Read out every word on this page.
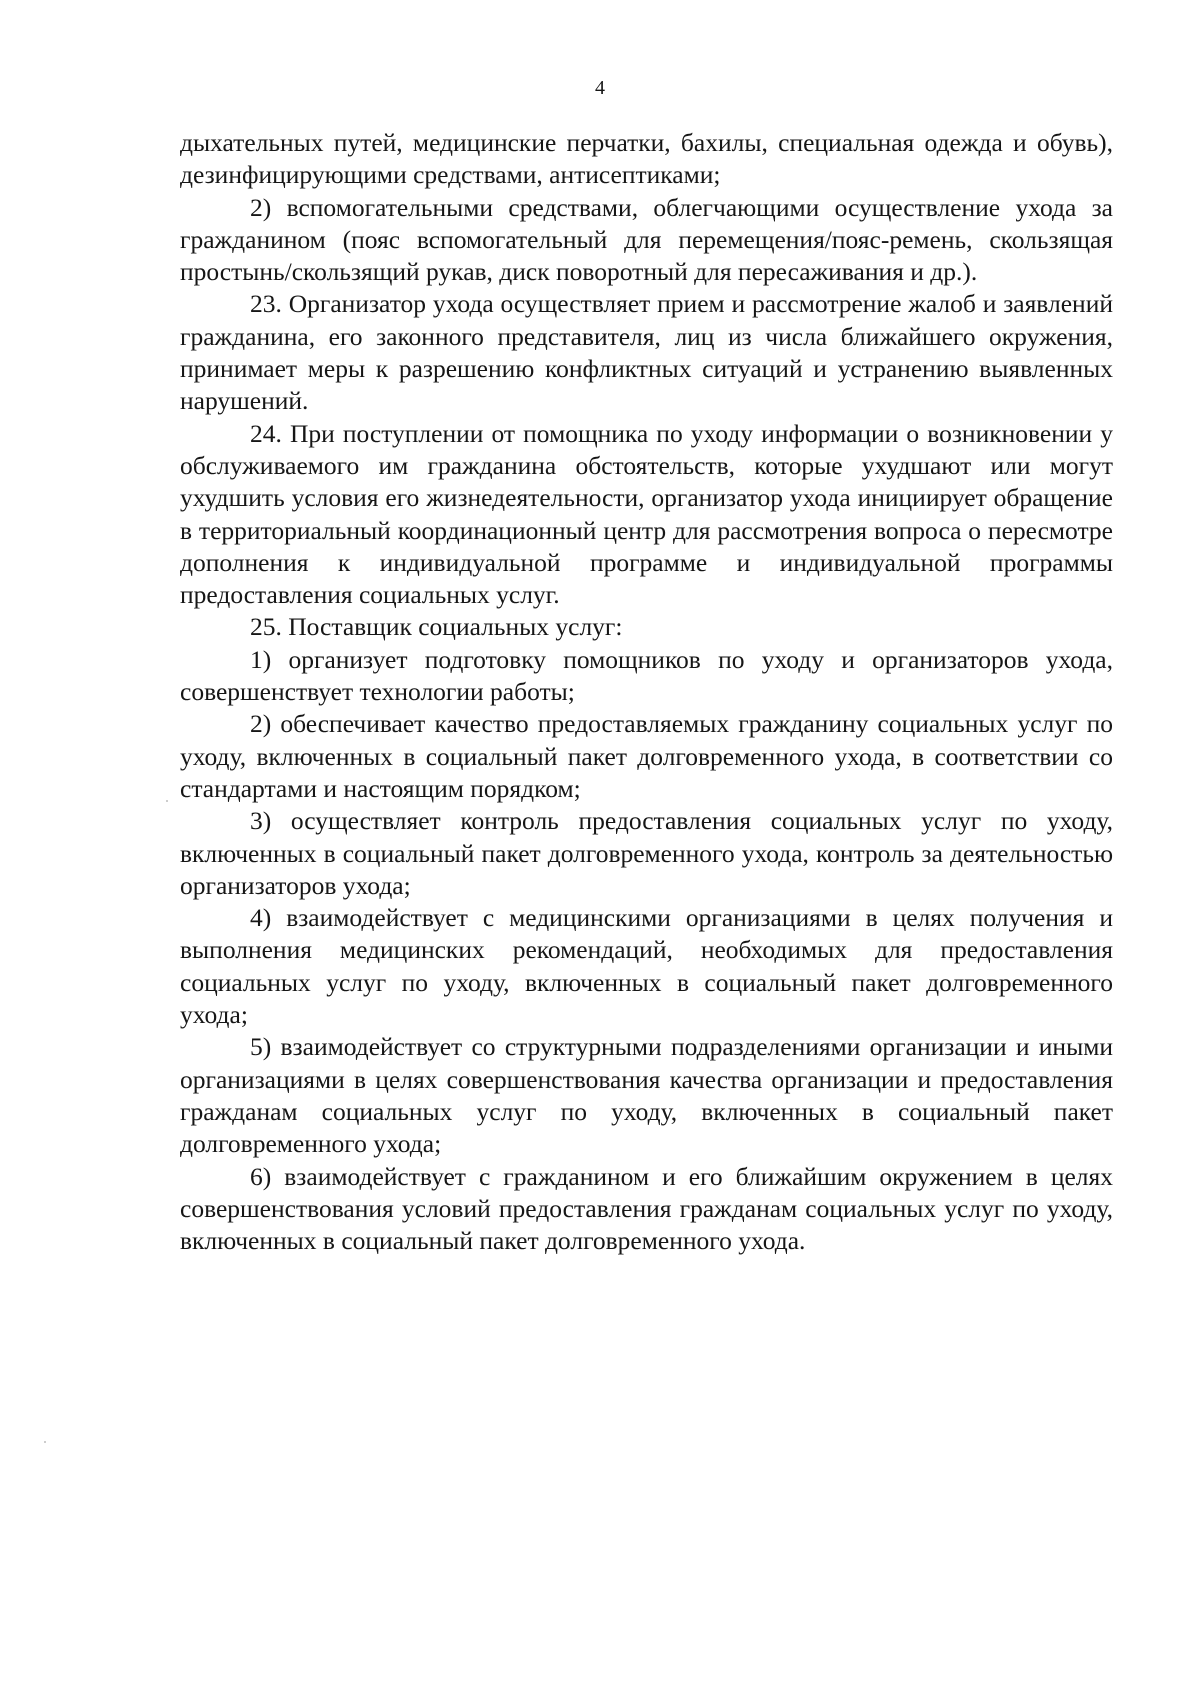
4

дыхательных путей, медицинские перчатки, бахилы, специальная одежда и обувь), дезинфицирующими средствами, антисептиками;

2) вспомогательными средствами, облегчающими осуществление ухода за гражданином (пояс вспомогательный для перемещения/пояс-ремень, скользящая простынь/скользящий рукав, диск поворотный для пересаживания и др.).

23. Организатор ухода осуществляет прием и рассмотрение жалоб и заявлений гражданина, его законного представителя, лиц из числа ближайшего окружения, принимает меры к разрешению конфликтных ситуаций и устранению выявленных нарушений.

24. При поступлении от помощника по уходу информации о возникновении у обслуживаемого им гражданина обстоятельств, которые ухудшают или могут ухудшить условия его жизнедеятельности, организатор ухода инициирует обращение в территориальный координационный центр для рассмотрения вопроса о пересмотре дополнения к индивидуальной программе и индивидуальной программы предоставления социальных услуг.

25. Поставщик социальных услуг:

1) организует подготовку помощников по уходу и организаторов ухода, совершенствует технологии работы;

2) обеспечивает качество предоставляемых гражданину социальных услуг по уходу, включенных в социальный пакет долговременного ухода, в соответствии со стандартами и настоящим порядком;

3) осуществляет контроль предоставления социальных услуг по уходу, включенных в социальный пакет долговременного ухода, контроль за деятельностью организаторов ухода;

4) взаимодействует с медицинскими организациями в целях получения и выполнения медицинских рекомендаций, необходимых для предоставления социальных услуг по уходу, включенных в социальный пакет долговременного ухода;

5) взаимодействует со структурными подразделениями организации и иными организациями в целях совершенствования качества организации и предоставления гражданам социальных услуг по уходу, включенных в социальный пакет долговременного ухода;

6) взаимодействует с гражданином и его ближайшим окружением в целях совершенствования условий предоставления гражданам социальных услуг по уходу, включенных в социальный пакет долговременного ухода.
